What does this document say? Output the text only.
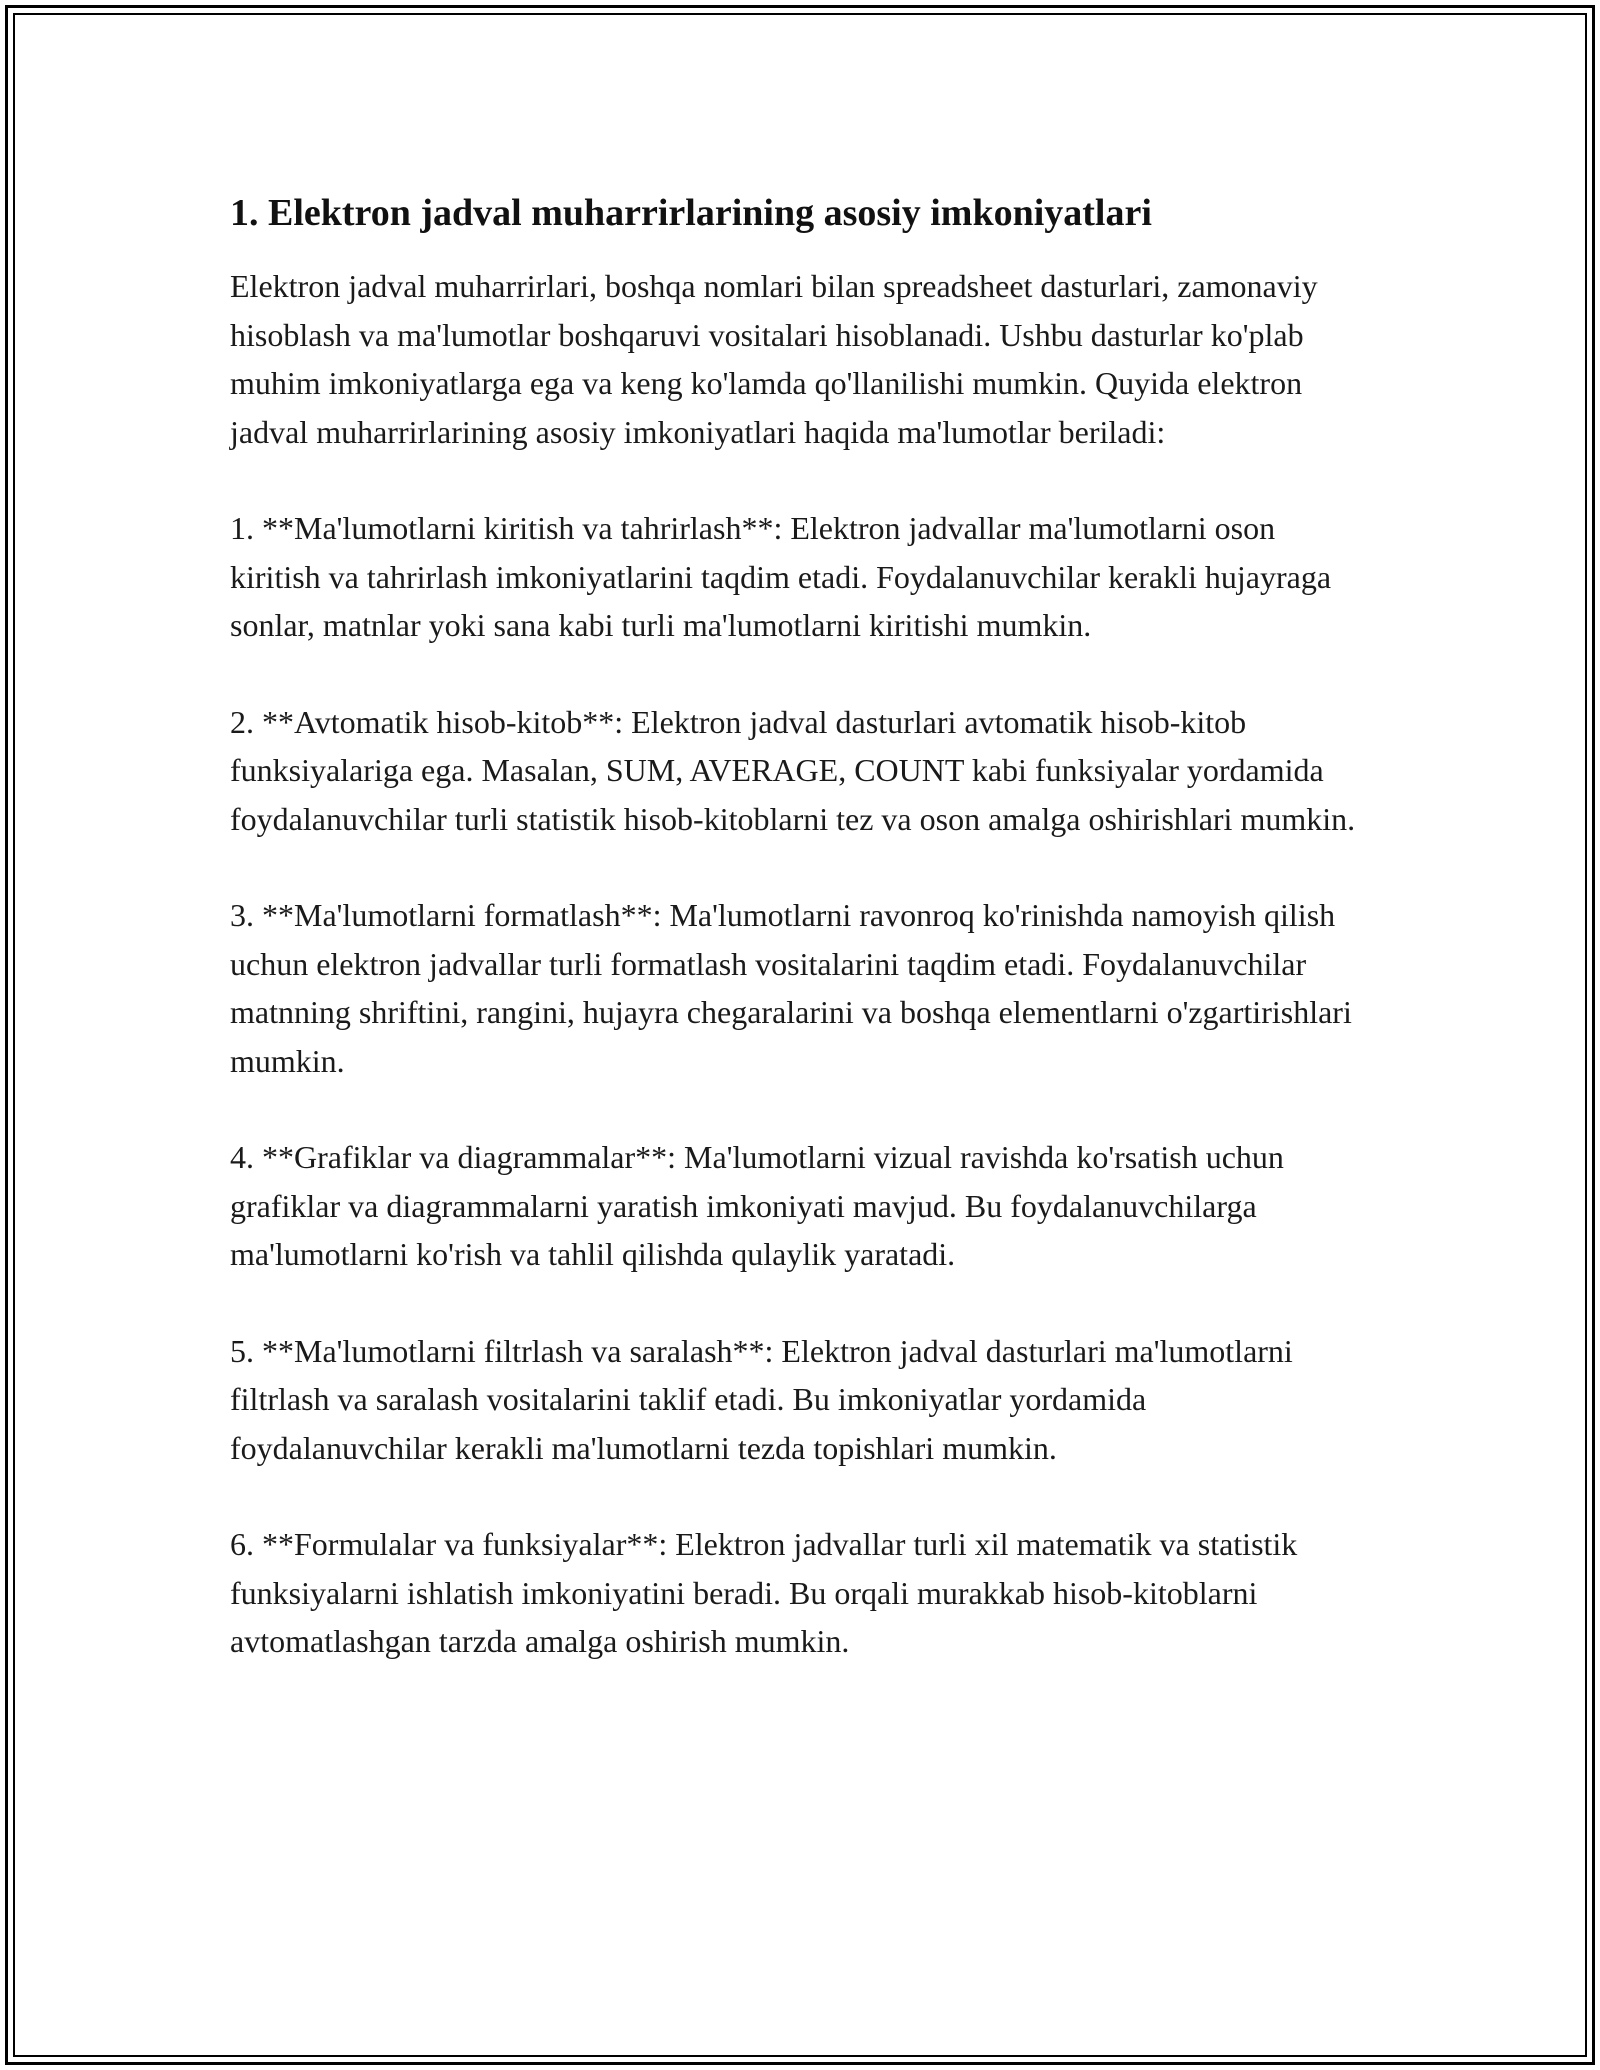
1. Elektron jadval muharrirlarining asosiy imkoniyatlari

Elektron jadval muharrirlari, boshqa nomlari bilan spreadsheet dasturlari, zamonaviy hisoblash va ma'lumotlar boshqaruvi vositalari hisoblanadi. Ushbu dasturlar ko'plab muhim imkoniyatlarga ega va keng ko'lamda qo'llanilishi mumkin. Quyida elektron jadval muharrirlarining asosiy imkoniyatlari haqida ma'lumotlar beriladi:

1. **Ma'lumotlarni kiritish va tahrirlash**: Elektron jadvallar ma'lumotlarni oson kiritish va tahrirlash imkoniyatlarini taqdim etadi. Foydalanuvchilar kerakli hujayraga sonlar, matnlar yoki sana kabi turli ma'lumotlarni kiritishi mumkin.

2. **Avtomatik hisob-kitob**: Elektron jadval dasturlari avtomatik hisob-kitob funksiyalariga ega. Masalan, SUM, AVERAGE, COUNT kabi funksiyalar yordamida foydalanuvchilar turli statistik hisob-kitoblarni tez va oson amalga oshirishlari mumkin.

3. **Ma'lumotlarni formatlash**: Ma'lumotlarni ravonroq ko'rinishda namoyish qilish uchun elektron jadvallar turli formatlash vositalarini taqdim etadi. Foydalanuvchilar matnning shriftini, rangini, hujayra chegaralarini va boshqa elementlarni o'zgartirishlari mumkin.

4. **Grafiklar va diagrammalar**: Ma'lumotlarni vizual ravishda ko'rsatish uchun grafiklar va diagrammalarni yaratish imkoniyati mavjud. Bu foydalanuvchilarga ma'lumotlarni ko'rish va tahlil qilishda qulaylik yaratadi.

5. **Ma'lumotlarni filtrlash va saralash**: Elektron jadval dasturlari ma'lumotlarni filtrlash va saralash vositalarini taklif etadi. Bu imkoniyatlar yordamida foydalanuvchilar kerakli ma'lumotlarni tezda topishlari mumkin.

6. **Formulalar va funksiyalar**: Elektron jadvallar turli xil matematik va statistik funksiyalarni ishlatish imkoniyatini beradi. Bu orqali murakkab hisob-kitoblarni avtomatlashgan tarzda amalga oshirish mumkin.
